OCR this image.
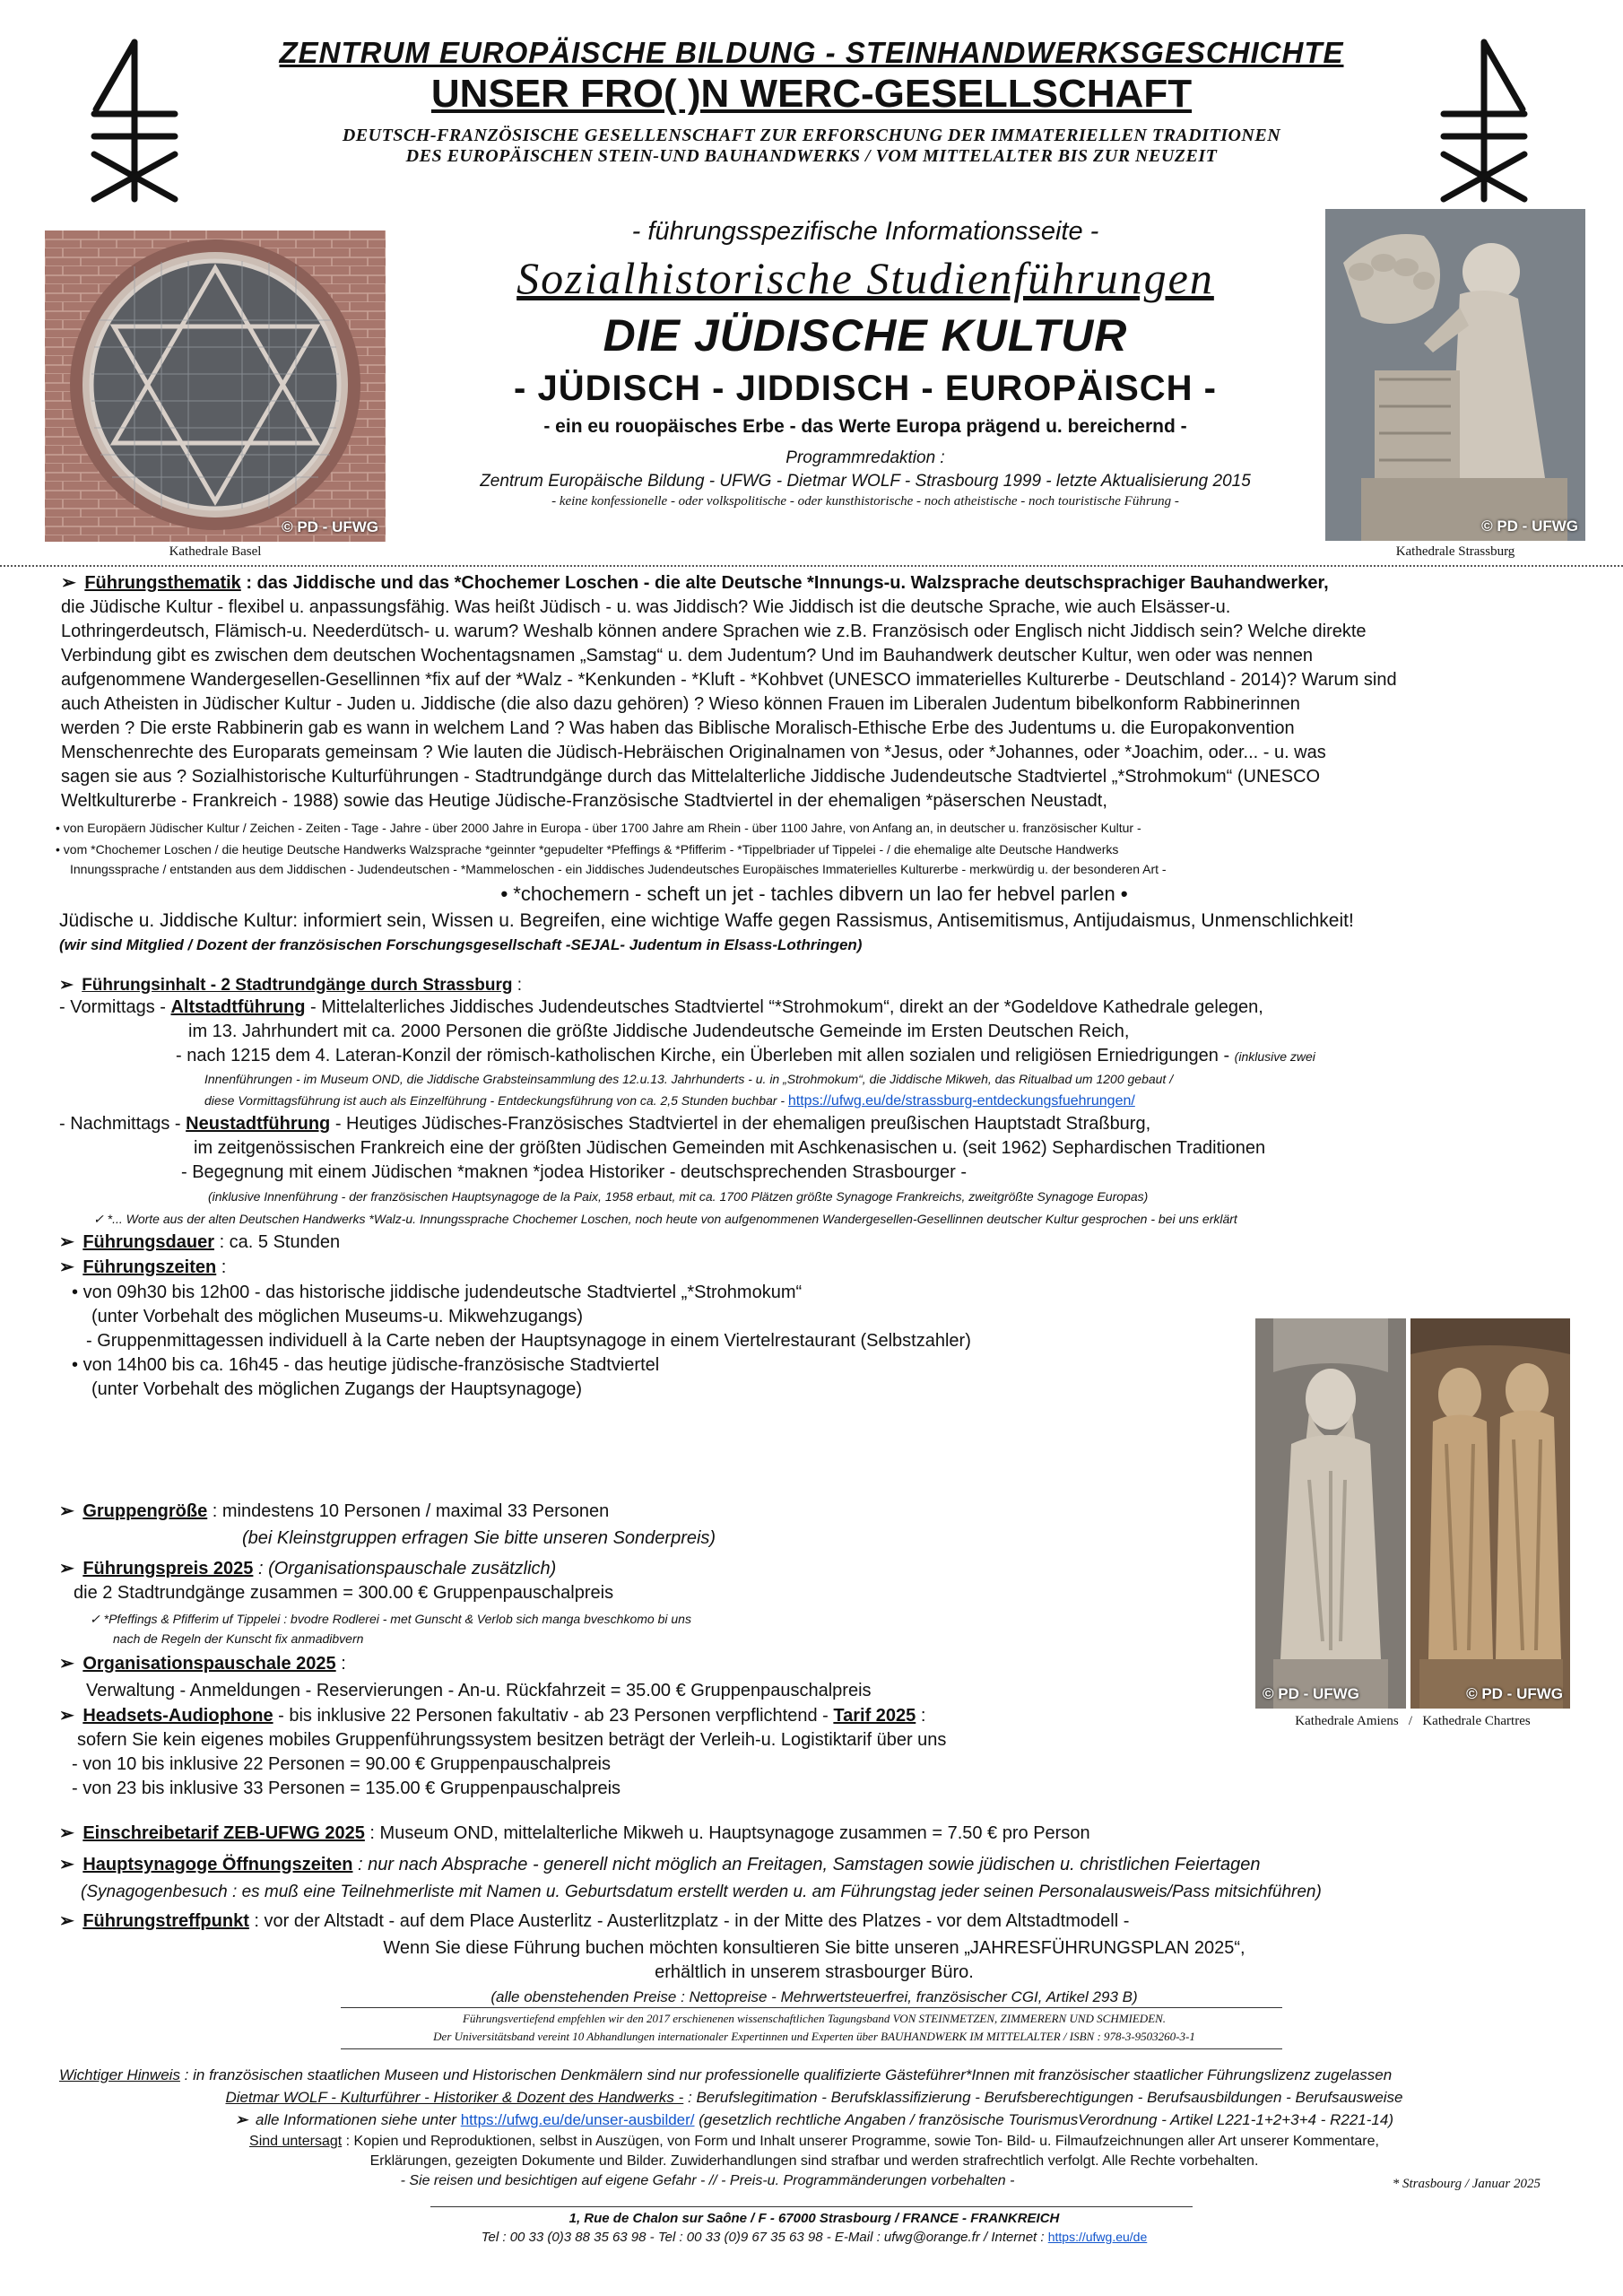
ZENTRUM EUROPÄISCHE BILDUNG - STEINHANDWERKSGESCHICHTE
UNSER FRO( )N WERC-GESELLSCHAFT
DEUTSCH-FRANZÖSISCHE GESELLENSCHAFT ZUR ERFORSCHUNG DER IMMATERIELLEN TRADITIONEN
DES EUROPÄISCHEN STEIN-UND BAUHANDWERKS / VOM MITTELALTER BIS ZUR NEUZEIT
© PD - UFWG
Kathedrale Basel
© PD - UFWG
Kathedrale Strassburg
- führungsspezifische Informationsseite -
Sozialhistorische Studienführungen
DIE JÜDISCHE KULTUR
- JÜDISCH - JIDDISCH - EUROPÄISCH -
- ein eu rouopäisches Erbe - das Werte Europa prägend u. bereichernd -
Programmredaktion :
Zentrum Europäische Bildung - UFWG - Dietmar WOLF - Strasbourg 1999 - letzte Aktualisierung 2015
- keine konfessionelle - oder volkspolitische - oder kunsthistorische - noch atheistische - noch touristische Führung -
➢ Führungsthematik : das Jiddische und das *Chochemer Loschen - die alte Deutsche *Innungs-u. Walzsprache deutschsprachiger Bauhandwerker,
die Jüdische Kultur - flexibel u. anpassungsfähig. Was heißt Jüdisch - u. was Jiddisch? Wie Jiddisch ist die deutsche Sprache, wie auch Elsässer-u.
Lothringerdeutsch, Flämisch-u. Neederdütsch- u. warum? Weshalb können andere Sprachen wie z.B. Französisch oder Englisch nicht Jiddisch sein? Welche direkte
Verbindung gibt es zwischen dem deutschen Wochentagsnamen „Samstag“ u. dem Judentum? Und im Bauhandwerk deutscher Kultur, wen oder was nennen
aufgenommene Wandergesellen-Gesellinnen *fix auf der *Walz - *Kenkunden - *Kluft - *Kohbvet (UNESCO immaterielles Kulturerbe - Deutschland - 2014)? Warum sind
auch Atheisten in Jüdischer Kultur - Juden u. Jiddische (die also dazu gehören) ? Wieso können Frauen im Liberalen Judentum bibelkonform Rabbinerinnen
werden ? Die erste Rabbinerin gab es wann in welchem Land ? Was haben das Biblische Moralisch-Ethische Erbe des Judentums u. die Europakonvention
Menschenrechte des Europarats gemeinsam ? Wie lauten die Jüdisch-Hebräischen Originalnamen von *Jesus, oder *Johannes, oder *Joachim, oder... - u. was
sagen sie aus ? Sozialhistorische Kulturführungen - Stadtrundgänge durch das Mittelalterliche Jiddische Judendeutsche Stadtviertel „*Strohmokum“ (UNESCO
Weltkulturerbe - Frankreich - 1988) sowie das Heutige Jüdische-Französische Stadtviertel in der ehemaligen *päserschen Neustadt,
• von Europäern Jüdischer Kultur / Zeichen - Zeiten - Tage - Jahre - über 2000 Jahre in Europa - über 1700 Jahre am Rhein - über 1100 Jahre, von Anfang an, in deutscher u. französischer Kultur -
• vom *Chochemer Loschen / die heutige Deutsche Handwerks Walzsprache *geinnter *gepudelter *Pfeffings & *Pfifferim - *Tippelbriader uf Tippelei - / die ehemalige alte Deutsche Handwerks
Innungssprache / entstanden aus dem Jiddischen - Judendeutschen - *Mammeloschen - ein Jiddisches Judendeutsches Europäisches Immaterielles Kulturerbe - merkwürdig u. der besonderen Art -
• *chochemern - scheft un jet - tachles dibvern un lao fer hebvel parlen •
Jüdische u. Jiddische Kultur: informiert sein, Wissen u. Begreifen, eine wichtige Waffe gegen Rassismus, Antisemitismus, Antijudaismus, Unmenschlichkeit!
(wir sind Mitglied / Dozent der französischen Forschungsgesellschaft -SEJAL- Judentum in Elsass-Lothringen)
➢ Führungsinhalt - 2 Stadtrundgänge durch Strassburg :
- Vormittags - Altstadtführung - Mittelalterliches Jiddisches Judendeutsches Stadtviertel “*Strohmokum“, direkt an der *Godeldove Kathedrale gelegen,
im 13. Jahrhundert mit ca. 2000 Personen die größte Jiddische Judendeutsche Gemeinde im Ersten Deutschen Reich,
- nach 1215 dem 4. Lateran-Konzil der römisch-katholischen Kirche, ein Überleben mit allen sozialen und religiösen Erniedrigungen - (inklusive zwei
Innenführungen - im Museum OND, die Jiddische Grabsteinsammlung des 12.u.13. Jahrhunderts - u. in „Strohmokum“, die Jiddische Mikweh, das Ritualbad um 1200 gebaut /
diese Vormittagsführung ist auch als Einzelführung - Entdeckungsführung von ca. 2,5 Stunden buchbar - https://ufwg.eu/de/strassburg-entdeckungsfuehrungen/
- Nachmittags - Neustadtführung - Heutiges Jüdisches-Französisches Stadtviertel in der ehemaligen preußischen Hauptstadt Straßburg,
im zeitgenössischen Frankreich eine der größten Jüdischen Gemeinden mit Aschkenasischen u. (seit 1962) Sephardischen Traditionen
- Begegnung mit einem Jüdischen *maknen *jodea Historiker - deutschsprechenden Strasbourger -
(inklusive Innenführung - der französischen Hauptsynagoge de la Paix, 1958 erbaut, mit ca. 1700 Plätzen größte Synagoge Frankreichs, zweitgrößte Synagoge Europas)
✓ *... Worte aus der alten Deutschen Handwerks *Walz-u. Innungssprache Chochemer Loschen, noch heute von aufgenommenen Wandergesellen-Gesellinnen deutscher Kultur gesprochen - bei uns erklärt
➢ Führungsdauer : ca. 5 Stunden
➢ Führungszeiten :
• von 09h30 bis 12h00 - das historische jiddische judendeutsche Stadtviertel „*Strohmokum“
(unter Vorbehalt des möglichen Museums-u. Mikwehzugangs)
- Gruppenmittagessen individuell à la Carte neben der Hauptsynagoge in einem Viertelrestaurant (Selbstzahler)
• von 14h00 bis ca. 16h45 - das heutige jüdische-französische Stadtviertel
(unter Vorbehalt des möglichen Zugangs der Hauptsynagoge)
➢ Gruppengröße : mindestens 10 Personen / maximal 33 Personen
(bei Kleinstgruppen erfragen Sie bitte unseren Sonderpreis)
➢ Führungspreis 2025 : (Organisationspauschale zusätzlich)
die 2 Stadtrundgänge zusammen = 300.00 € Gruppenpauschalpreis
✓ *Pfeffings & Pfifferim uf Tippelei : bvodre Rodlerei - met Gunscht & Verlob sich manga bveschkomo bi uns
nach de Regeln der Kunscht fix anmadibvern
➢ Organisationspauschale 2025 :
Verwaltung - Anmeldungen - Reservierungen - An-u. Rückfahrzeit = 35.00 € Gruppenpauschalpreis
➢ Headsets-Audiophone - bis inklusive 22 Personen fakultativ - ab 23 Personen verpflichtend - Tarif 2025 :
sofern Sie kein eigenes mobiles Gruppenführungssystem besitzen beträgt der Verleih-u. Logistiktarif über uns
- von 10 bis inklusive 22 Personen = 90.00 € Gruppenpauschalpreis
- von 23 bis inklusive 33 Personen = 135.00 € Gruppenpauschalpreis
➢ Einschreibetarif ZEB-UFWG 2025 : Museum OND, mittelalterliche Mikweh u. Hauptsynagoge zusammen = 7.50 € pro Person
➢ Hauptsynagoge Öffnungszeiten : nur nach Absprache - generell nicht möglich an Freitagen, Samstagen sowie jüdischen u. christlichen Feiertagen
(Synagogenbesuch : es muß eine Teilnehmerliste mit Namen u. Geburtsdatum erstellt werden u. am Führungstag jeder seinen Personalausweis/Pass mitsichführen)
➢ Führungstreffpunkt : vor der Altstadt - auf dem Place Austerlitz - Austerlitzplatz - in der Mitte des Platzes - vor dem Altstadtmodell -
Wenn Sie diese Führung buchen möchten konsultieren Sie bitte unseren „JAHRESFÜHRUNGSPLAN 2025“,
erhältlich in unserem strasbourger Büro.
(alle obenstehenden Preise : Nettopreise - Mehrwertsteuerfrei, französischer CGI, Artikel 293 B)
Führungsvertiefend empfehlen wir den 2017 erschienenen wissenschaftlichen Tagungsband VON STEINMETZEN, ZIMMERERN UND SCHMIEDEN.
Der Universitätsband vereint 10 Abhandlungen internationaler Expertinnen und Experten über BAUHANDWERK IM MITTELALTER / ISBN : 978-3-9503260-3-1
Wichtiger Hinweis : in französischen staatlichen Museen und Historischen Denkmälern sind nur professionelle qualifizierte Gästeführer*Innen mit französischer staatlicher Führungslizenz zugelassen
Dietmar WOLF - Kulturführer - Historiker & Dozent des Handwerks - : Berufslegitimation - Berufsklassifizierung - Berufsberechtigungen - Berufsausbildungen - Berufsausweise
➢ alle Informationen siehe unter https://ufwg.eu/de/unser-ausbilder/ (gesetzlich rechtliche Angaben / französische TourismusVerordnung - Artikel L221-1+2+3+4 - R221-14)
Sind untersagt : Kopien und Reproduktionen, selbst in Auszügen, von Form und Inhalt unserer Programme, sowie Ton- Bild- u. Filmaufzeichnungen aller Art unserer Kommentare,
Erklärungen, gezeigten Dokumente und Bilder. Zuwiderhandlungen sind strafbar und werden strafrechtlich verfolgt. Alle Rechte vorbehalten.
- Sie reisen und besichtigen auf eigene Gefahr - // - Preis-u. Programmänderungen vorbehalten -	* Strasbourg / Januar 2025
1, Rue de Chalon sur Saône / F - 67000 Strasbourg / FRANCE - FRANKREICH
Tel : 00 33 (0)3 88 35 63 98 - Tel : 00 33 (0)9 67 35 63 98 - E-Mail : ufwg@orange.fr / Internet : https://ufwg.eu/de
© PD - UFWG	© PD - UFWG
Kathedrale Amiens   /   Kathedrale Chartres
